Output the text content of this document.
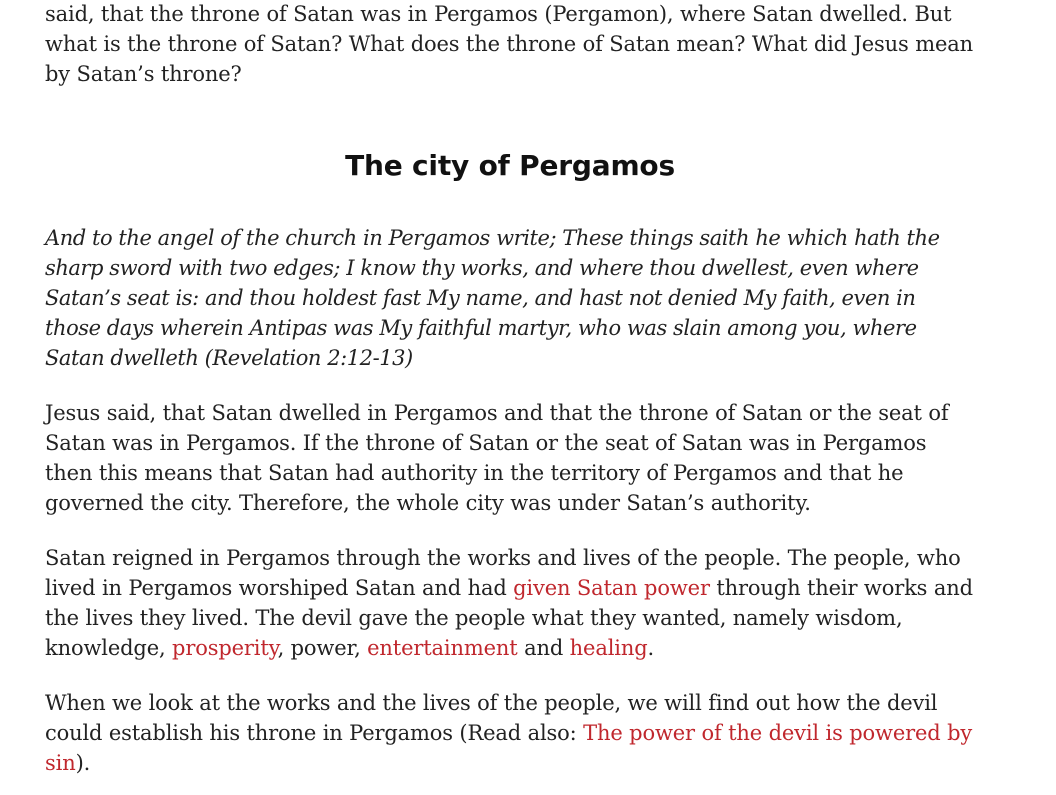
said, that the throne of Satan was in Pergamos (Pergamon), where Satan dwelled. But what is the throne of Satan? What does the throne of Satan mean? What did Jesus mean by Satan’s throne?

The city of Pergamos

And to the angel of the church in Pergamos write; These things saith he which hath the sharp sword with two edges; I know thy works, and where thou dwellest, even where Satan’s seat is: and thou holdest fast My name, and hast not denied My faith, even in those days wherein Antipas was My faithful martyr, who was slain among you, where Satan dwelleth (Revelation 2:12-13)

Jesus said, that Satan dwelled in Pergamos and that the throne of Satan or the seat of Satan was in Pergamos. If the throne of Satan or the seat of Satan was in Pergamos then this means that Satan had authority in the territory of Pergamos and that he governed the city. Therefore, the whole city was under Satan’s authority.

Satan reigned in Pergamos through the works and lives of the people. The people, who lived in Pergamos worshiped Satan and had given Satan power through their works and the lives they lived. The devil gave the people what they wanted, namely wisdom, knowledge, prosperity, power, entertainment and healing.

When we look at the works and the lives of the people, we will find out how the devil could establish his throne in Pergamos (Read also: The power of the devil is powered by sin).
